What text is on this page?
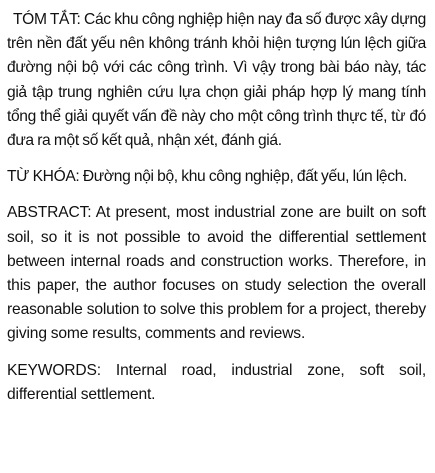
TÓM TẮT: Các khu công nghiệp hiện nay đa số được xây dựng trên nền đất yếu nên không tránh khỏi hiện tượng lún lệch giữa đường nội bộ với các công trình. Vì vậy trong bài báo này, tác giả tập trung nghiên cứu lựa chọn giải pháp hợp lý mang tính tổng thể giải quyết vấn đề này cho một công trình thực tế, từ đó đưa ra một số kết quả, nhận xét, đánh giá.

TỪ KHÓA: Đường nội bộ, khu công nghiệp, đất yếu, lún lệch.

ABSTRACT: At present, most industrial zone are built on soft soil, so it is not possible to avoid the differential settlement between internal roads and construction works. Therefore, in this paper, the author focuses on study selection the overall reasonable solution to solve this problem for a project, thereby giving some results, comments and reviews.

KEYWORDS: Internal road, industrial zone, soft soil, differential settlement.
